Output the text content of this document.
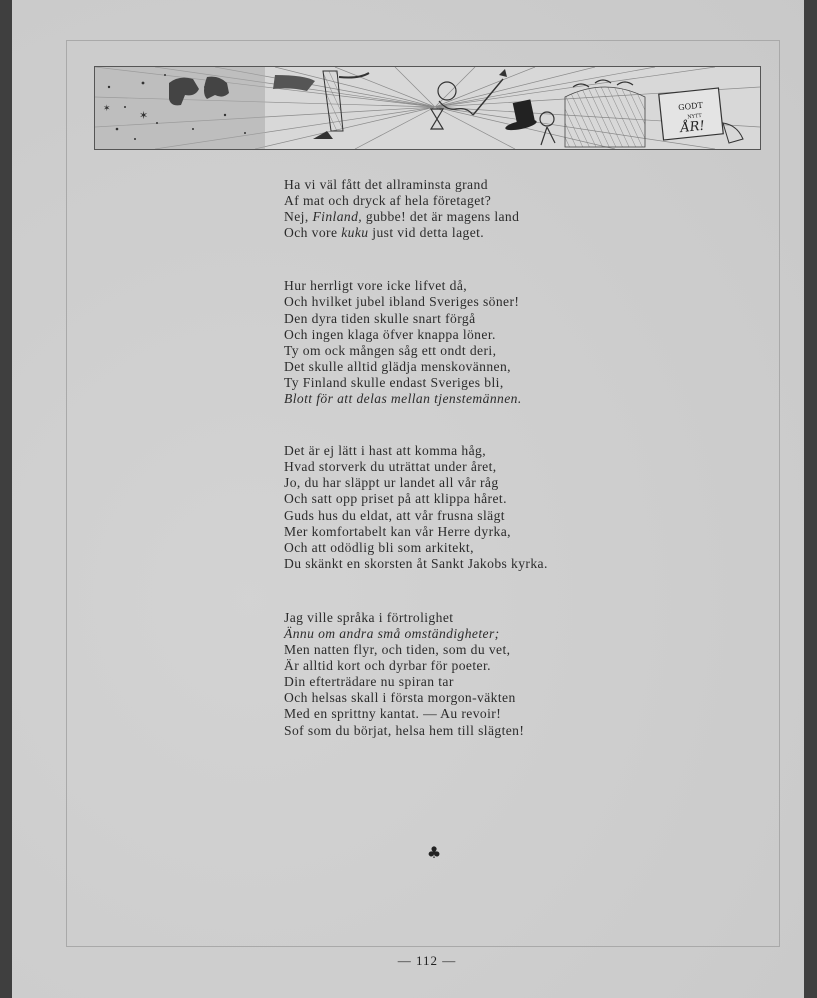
✶
✶	GODT
NYTT
ÅR!
Ha vi väl fått det allraminsta grand
Af mat och dryck af hela företaget?
Nej, Finland, gubbe! det är magens land
Och vore kuku just vid detta laget.
Hur herrligt vore icke lifvet då,
Och hvilket jubel ibland Sveriges söner!
Den dyra tiden skulle snart förgå
Och ingen klaga öfver knappa löner.
Ty om ock mången såg ett ondt deri,
Det skulle alltid glädja menskovännen,
Ty Finland skulle endast Sveriges bli,
Blott för att delas mellan tjenstemännen.
Det är ej lätt i hast att komma håg,
Hvad storverk du uträttat under året,
Jo, du har släppt ur landet all vår råg
Och satt opp priset på att klippa håret.
Guds hus du eldat, att vår frusna slägt
Mer komfortabelt kan vår Herre dyrka,
Och att odödlig bli som arkitekt,
Du skänkt en skorsten åt Sankt Jakobs kyrka.
Jag ville språka i förtrolighet
Ännu om andra små omständigheter;
Men natten flyr, och tiden, som du vet,
Är alltid kort och dyrbar för poeter.
Din efterträdare nu spiran tar
Och helsas skall i första morgon-väkten
Med en sprittny kantat. — Au revoir!
Sof som du börjat, helsa hem till slägten!
♣
— 112 —
